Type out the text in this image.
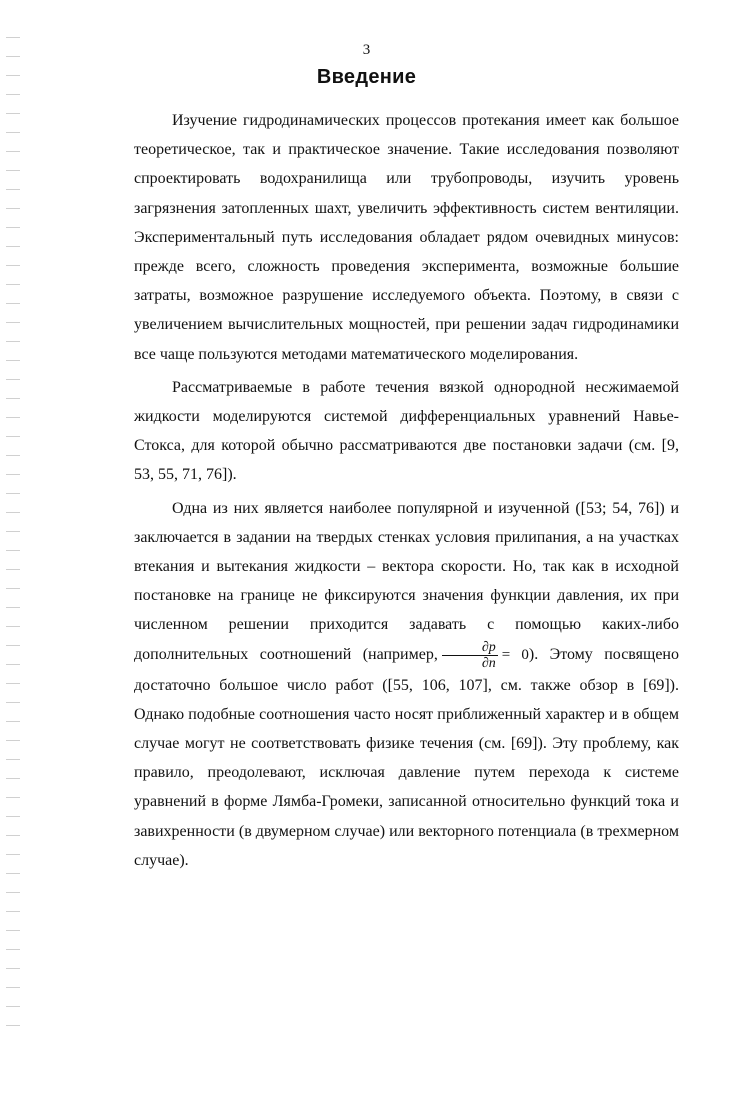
3
Введение

Изучение гидродинамических процессов протекания имеет как большое теоретическое, так и практическое значение. Такие исследования позволяют спроектировать водохранилища или трубопроводы, изучить уровень загрязнения затопленных шахт, увеличить эффективность систем вентиляции. Экспериментальный путь исследования обладает рядом очевидных минусов: прежде всего, сложность проведения эксперимента, возможные большие затраты, возможное разрушение исследуемого объекта. Поэтому, в связи с увеличением вычислительных мощностей, при решении задач гидродинамики все чаще пользуются методами математического моделирования.

Рассматриваемые в работе течения вязкой однородной несжимаемой жидкости моделируются системой дифференциальных уравнений Навье-Стокса, для которой обычно рассматриваются две постановки задачи (см. [9, 53, 55, 71, 76]).

Одна из них является наиболее популярной и изученной ([53; 54, 76]) и заключается в задании на твердых стенках условия прилипания, а на участках втекания и вытекания жидкости – вектора скорости. Но, так как в исходной постановке на границе не фиксируются значения функции давления, их при численном решении приходится задавать с помощью каких-либо дополнительных соотношений (например, $\frac{\partial p}{\partial n} = 0$). Этому посвящено достаточно большое число работ ([55, 106, 107], см. также обзор в [69]). Однако подобные соотношения часто носят приближенный характер и в общем случае могут не соответствовать физике течения (см. [69]). Эту проблему, как правило, преодолевают, исключая давление путем перехода к системе уравнений в форме Лямба-Громеки, записанной относительно функций тока и завихренности (в двумерном случае) или векторного потенциала (в трехмерном случае).
